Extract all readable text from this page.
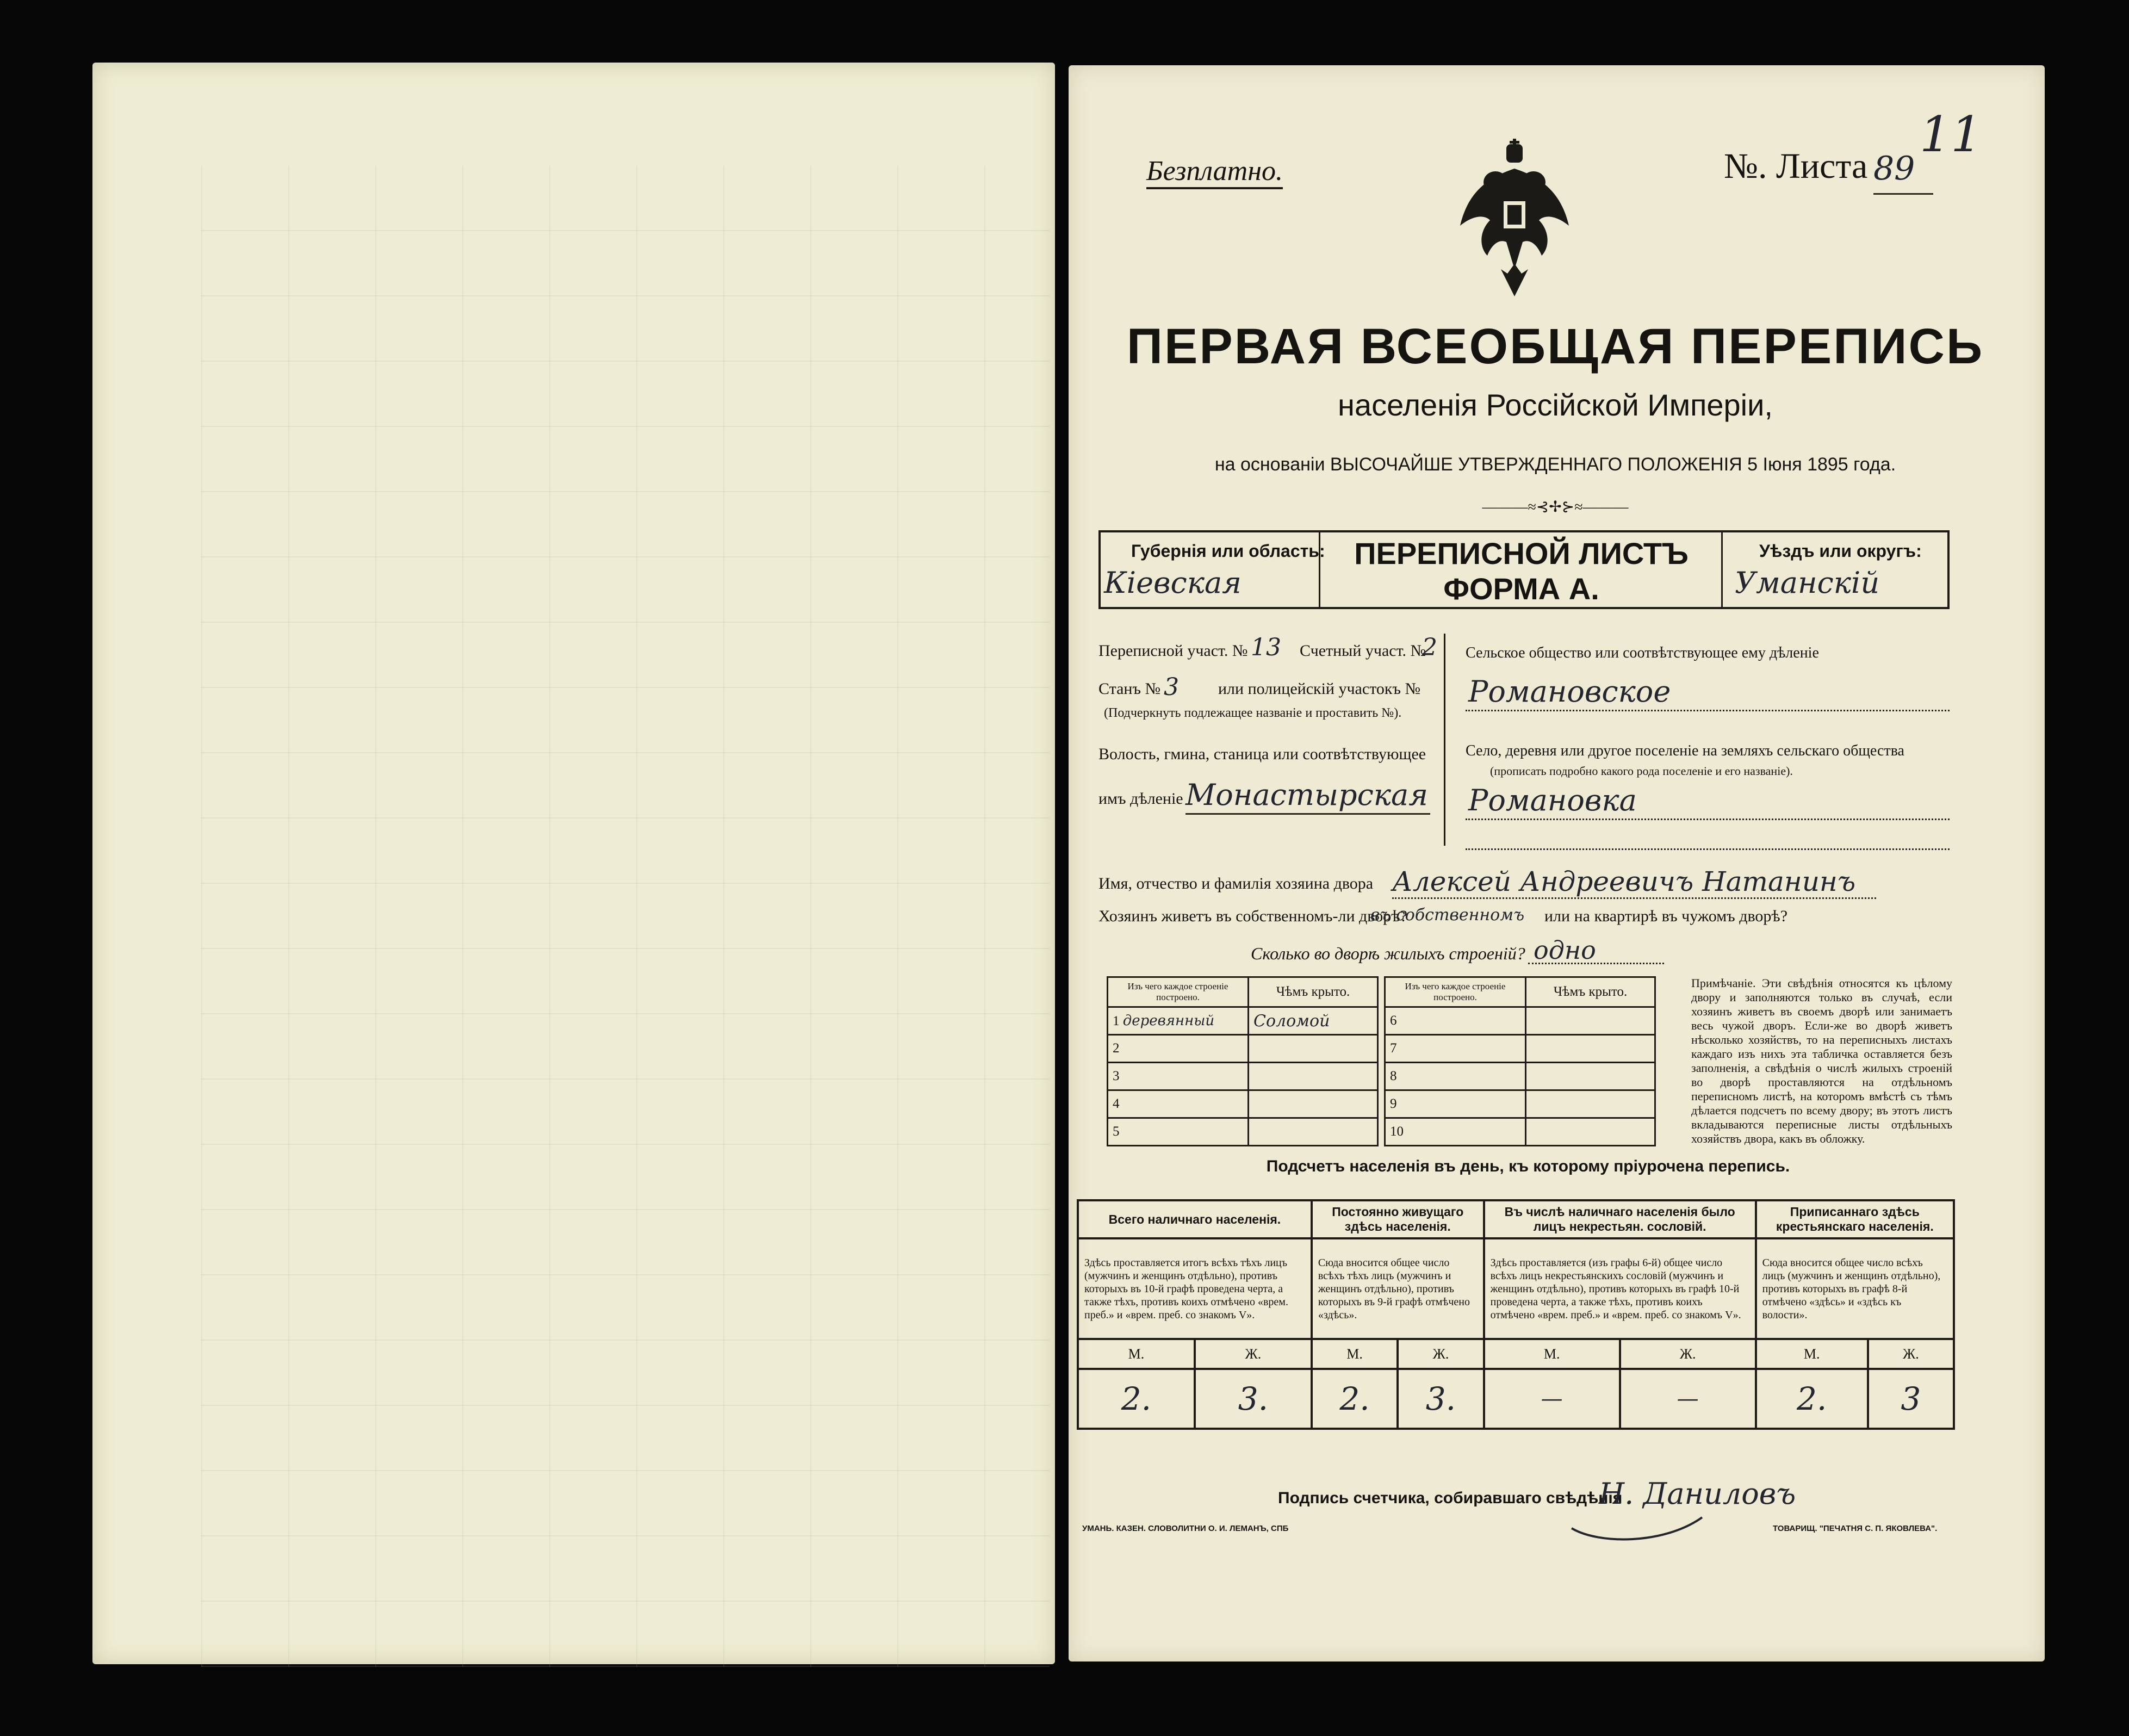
11
Безплатно.	№. Листа 89
ПЕРВАЯ ВСЕОБЩАЯ ПЕРЕПИСЬ
населенія Россійской Имперіи,
на основаніи ВЫСОЧАЙШЕ УТВЕРЖДЕННАГО ПОЛОЖЕНІЯ 5 Іюня 1895 года.
———≈⊰✢⊱≈———
Губернія или область:
Кіевская
ПЕРЕПИСНОЙ ЛИСТЪ
ФОРМА А.
Уѣздъ или округъ:
Уманскій
Переписной участ. № 13 Счетный участ. №
2
Станъ № 3 или полицейскій участокъ №
(Подчеркнуть подлежащее названіе и проставить №).
Волость, гмина, станица или соотвѣтствующее
имъ дѣленіе Монастырская
Сельское общество или соотвѣтствующее ему дѣленіе
Романовское
Село, деревня или другое поселеніе на земляхъ сельскаго общества
(прописать подробно какого рода поселеніе и его названіе).
Романовка
Имя, отчество и фамилія хозяина двора Алексей Андреевичъ Натанинъ
Хозяинъ живетъ въ собственномъ-ли дворѣ?
въ собственномъ или на квартирѣ въ чужомъ дворѣ?
Сколько во дворѣ жилыхъ строеній? одно
Изъ чего каждое строеніе построено.	Чѣмъ крыто.
1 деревянный	Соломой
2	
3	
4	
5	
Изъ чего каждое строеніе построено.	Чѣмъ крыто.
6	
7	
8	
9	
10	
Примѣчаніе. Эти свѣдѣнія относятся къ цѣлому двору и заполняются только въ случаѣ, если хозяинъ живетъ въ своемъ дворѣ или занимаетъ весь чужой дворъ. Если-же во дворѣ живетъ нѣсколько хозяйствъ, то на переписныхъ листахъ каждаго изъ нихъ эта табличка оставляется безъ заполненія, а свѣдѣнія о числѣ жилыхъ строеній во дворѣ проставляются на отдѣльномъ переписномъ листѣ, на которомъ вмѣстѣ съ тѣмъ дѣлается подсчетъ по всему двору; въ этотъ листъ вкладываются переписные листы отдѣльныхъ хозяйствъ двора, какъ въ обложку.
Подсчетъ населенія въ день, къ которому пріурочена перепись.
Всего наличнаго населенія.		Постоянно живущаго здѣсь населенія.		Въ числѣ наличнаго населенія было лицъ некрестьян. сословій.		Приписаннаго здѣсь крестьянскаго населенія.	
Здѣсь проставляется итогъ всѣхъ тѣхъ лицъ (мужчинъ и женщинъ отдѣльно), противъ которыхъ въ 10-й графѣ проведена черта, а также тѣхъ, противъ коихъ отмѣчено «врем. преб.» и «врем. преб. со знакомъ V».		Сюда вносится общее число всѣхъ тѣхъ лицъ (мужчинъ и женщинъ отдѣльно), противъ которыхъ въ 9-й графѣ отмѣчено «здѣсь».		Здѣсь проставляется (изъ графы 6-й) общее число всѣхъ лицъ некрестьянскихъ сословій (мужчинъ и женщинъ отдѣльно), противъ которыхъ въ графѣ 10-й проведена черта, а также тѣхъ, противъ коихъ отмѣчено «врем. преб.» и «врем. преб. со знакомъ V».		Сюда вносится общее число всѣхъ лицъ (мужчинъ и женщинъ отдѣльно), противъ которыхъ въ графѣ 8-й отмѣчено «здѣсь» и «здѣсь къ волости».	
М.	Ж.	М.	Ж.	М.	Ж.	М.	Ж.
2.	3.	2.	3.	—	—	2.	3
Подпись счетчика, собиравшаго свѣдѣнія
Н. Даниловъ
УМАНЬ. КАЗЕН. СЛОВОЛИТНИ О. И. ЛЕМАНЪ, СПБ	ТОВАРИЩ. "ПЕЧАТНЯ С. П. ЯКОВЛЕВА".
